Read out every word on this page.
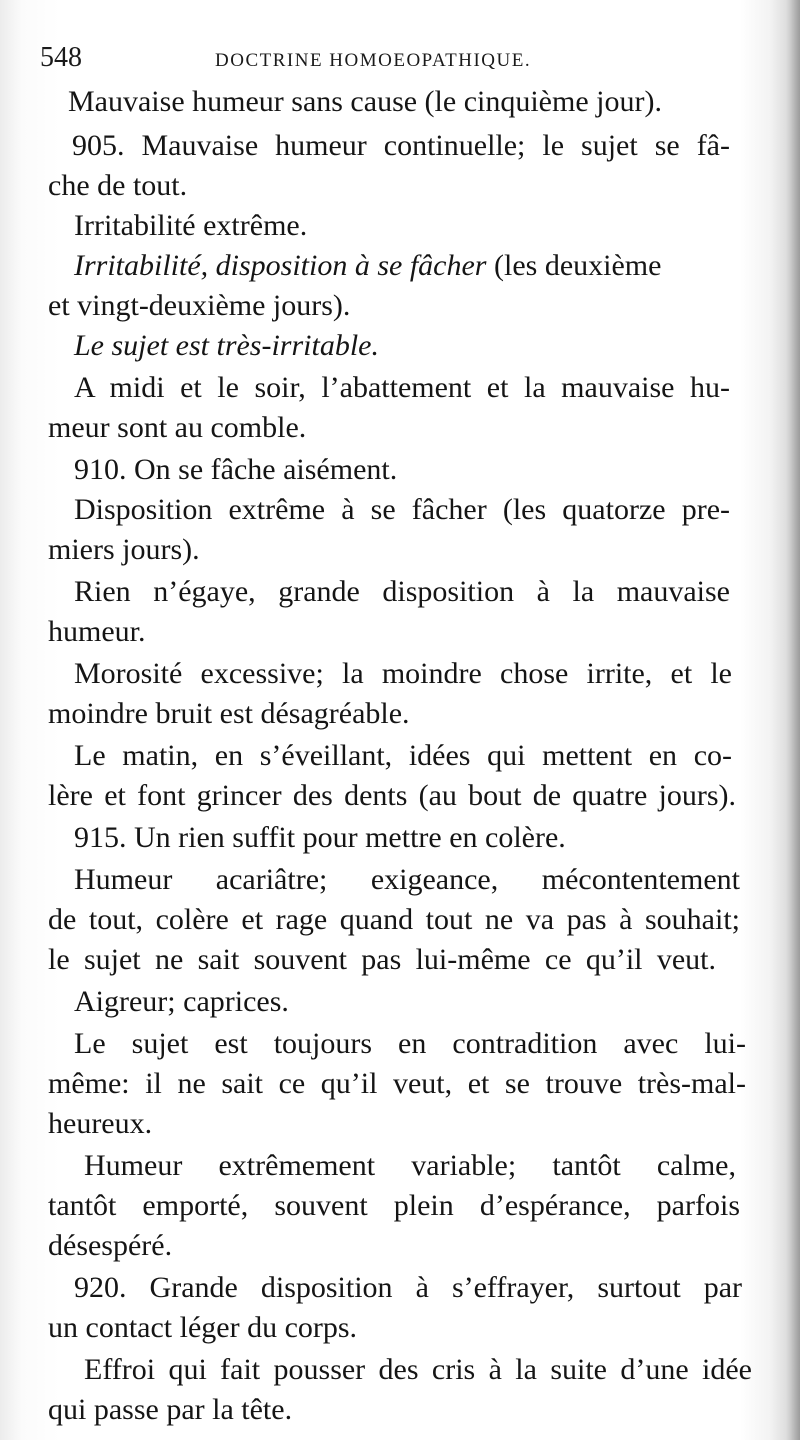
548	DOCTRINE HOMOEOPATHIQUE.
Mauvaise humeur sans cause (le cinquième jour).
905. Mauvaise humeur continuelle; le sujet se fâ-
che de tout.
Irritabilité extrême.
Irritabilité, disposition à se fâcher (les deuxième
et vingt-deuxième jours).
Le sujet est très-irritable.
A midi et le soir, l’abattement et la mauvaise hu-
meur sont au comble.
910. On se fâche aisément.
Disposition extrême à se fâcher (les quatorze pre-
miers jours).
Rien n’égaye, grande disposition à la mauvaise
humeur.
Morosité excessive; la moindre chose irrite, et le
moindre bruit est désagréable.
Le matin, en s’éveillant, idées qui mettent en co-
lère et font grincer des dents (au bout de quatre jours).
915. Un rien suffit pour mettre en colère.
Humeur acariâtre; exigeance, mécontentement
de tout, colère et rage quand tout ne va pas à souhait;
le sujet ne sait souvent pas lui-même ce qu’il veut.
Aigreur; caprices.
Le sujet est toujours en contradition avec lui-
même: il ne sait ce qu’il veut, et se trouve très-mal-
heureux.
Humeur extrêmement variable; tantôt calme,
tantôt emporté, souvent plein d’espérance, parfois
désespéré.
920. Grande disposition à s’effrayer, surtout par
un contact léger du corps.
Effroi qui fait pousser des cris à la suite d’une idée
qui passe par la tête.
